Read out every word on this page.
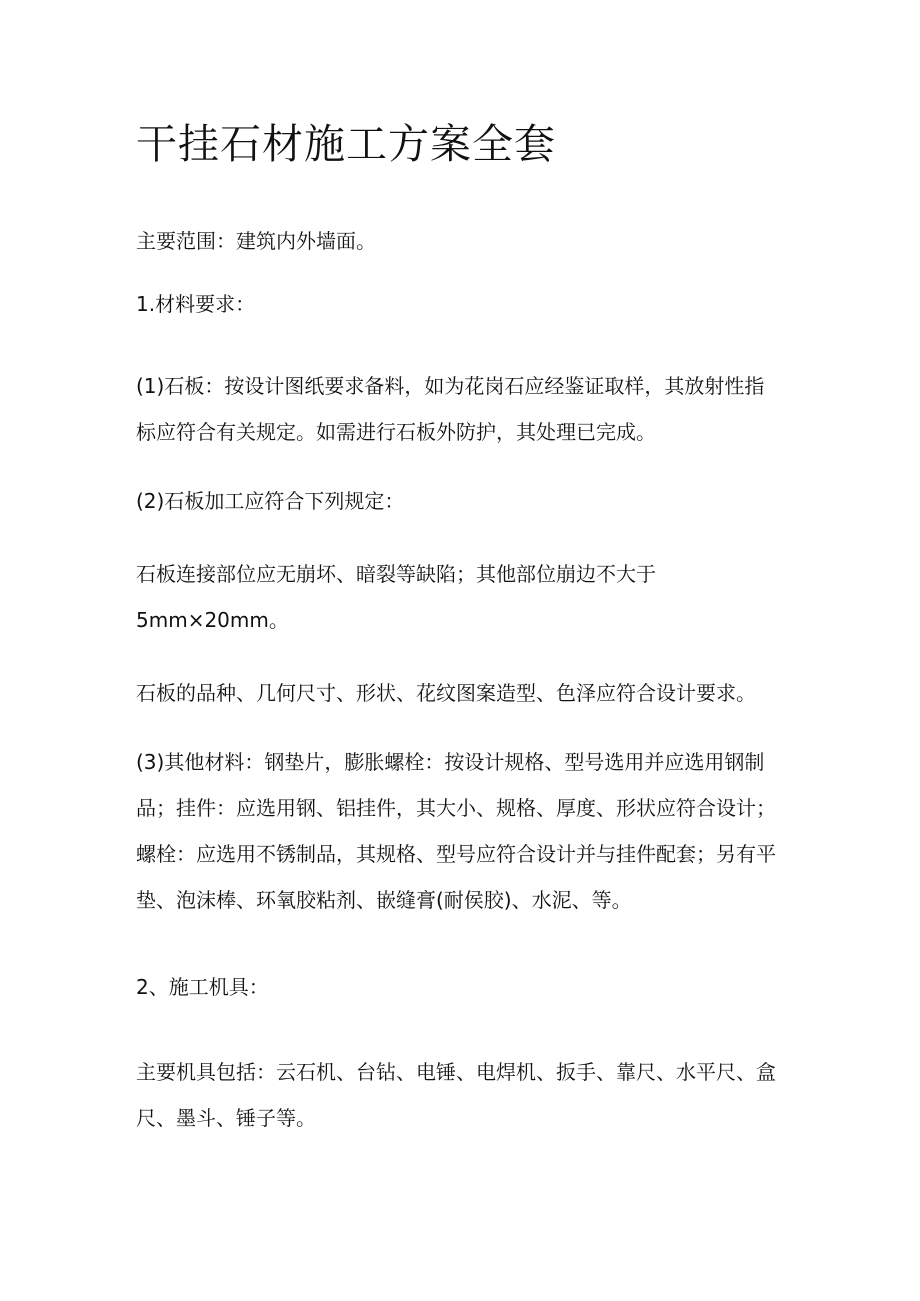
干挂石材施工方案全套

主要范围：建筑内外墙面。

1.材料要求：

(1)石板：按设计图纸要求备料，如为花岗石应经鉴证取样，其放射性指
标应符合有关规定。如需进行石板外防护，其处理已完成。

(2)石板加工应符合下列规定：

石板连接部位应无崩坏、暗裂等缺陷；其他部位崩边不大于
5mm×20mm。

石板的品种、几何尺寸、形状、花纹图案造型、色泽应符合设计要求。

(3)其他材料：钢垫片，膨胀螺栓：按设计规格、型号选用并应选用钢制
品；挂件：应选用钢、铝挂件，其大小、规格、厚度、形状应符合设计；
螺栓：应选用不锈制品，其规格、型号应符合设计并与挂件配套；另有平
垫、泡沫棒、环氧胶粘剂、嵌缝膏(耐侯胶)、水泥、等。

2、施工机具：

主要机具包括：云石机、台钻、电锤、电焊机、扳手、靠尺、水平尺、盒
尺、墨斗、锤子等。
